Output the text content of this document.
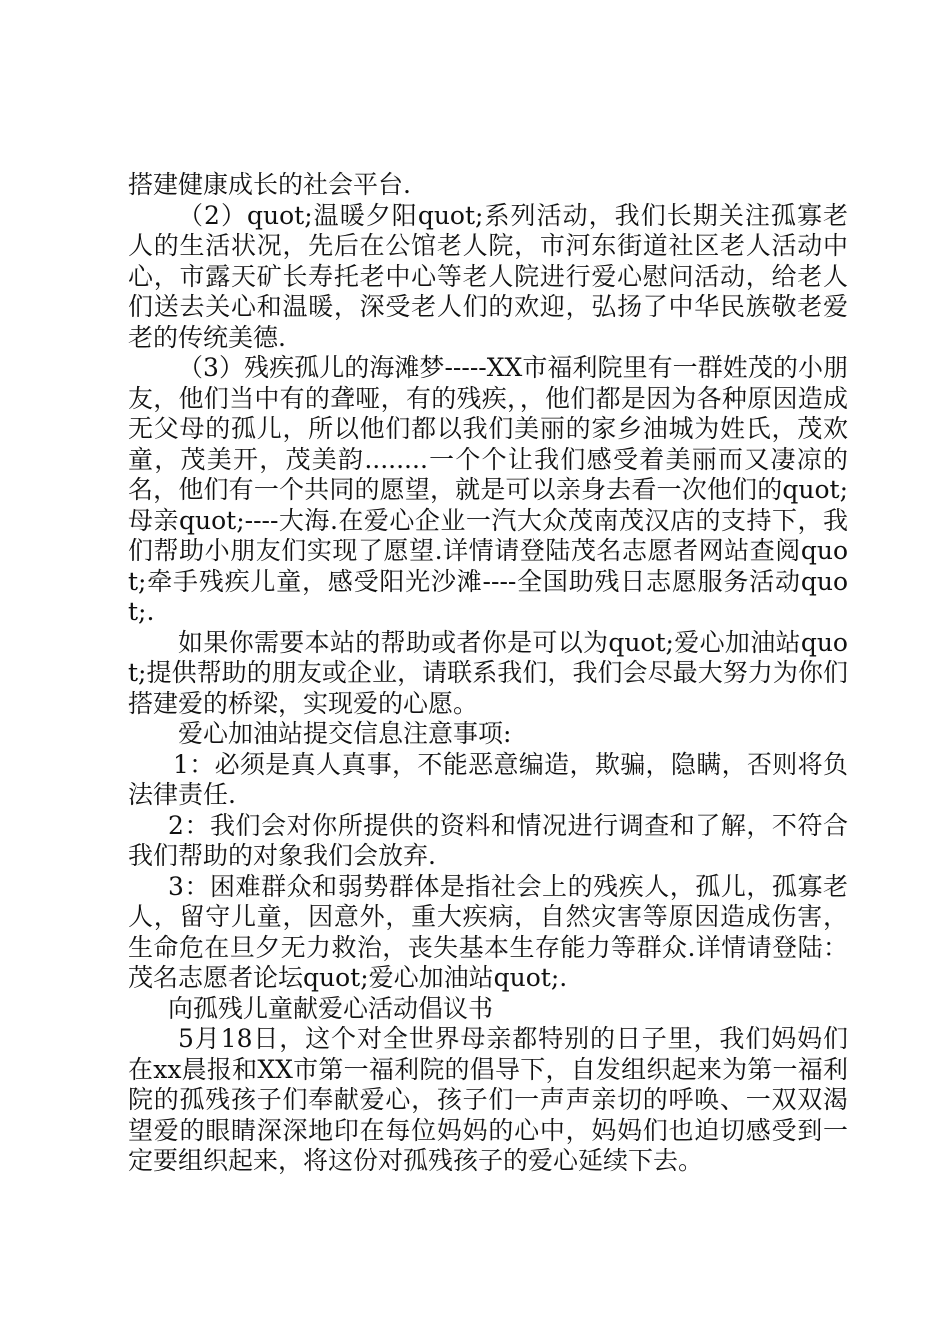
搭建健康成长的社会平台.

（2）quot;温暖夕阳quot;系列活动，我们长期关注孤寡老人的生活状况，先后在公馆老人院，市河东街道社区老人活动中心，市露天矿长寿托老中心等老人院进行爱心慰问活动，给老人们送去关心和温暖，深受老人们的欢迎，弘扬了中华民族敬老爱老的传统美德.

（3）残疾孤儿的海滩梦-----XX市福利院里有一群姓茂的小朋友，他们当中有的聋哑，有的残疾，，他们都是因为各种原因造成无父母的孤儿，所以他们都以我们美丽的家乡油城为姓氏，茂欢童，茂美开，茂美韵........一个个让我们感受着美丽而又凄凉的名，他们有一个共同的愿望，就是可以亲身去看一次他们的quot;母亲quot;----大海.在爱心企业一汽大众茂南茂汉店的支持下，我们帮助小朋友们实现了愿望.详情请登陆茂名志愿者网站查阅quot;牵手残疾儿童，感受阳光沙滩----全国助残日志愿服务活动quot;.

如果你需要本站的帮助或者你是可以为quot;爱心加油站quot;提供帮助的朋友或企业，请联系我们，我们会尽最大努力为你们搭建爱的桥梁，实现爱的心愿。

爱心加油站提交信息注意事项:

1：必须是真人真事，不能恶意编造，欺骗，隐瞒，否则将负法律责任.

2：我们会对你所提供的资料和情况进行调查和了解，不符合我们帮助的对象我们会放弃.

3：困难群众和弱势群体是指社会上的残疾人，孤儿，孤寡老人，留守儿童，因意外，重大疾病，自然灾害等原因造成伤害，生命危在旦夕无力救治，丧失基本生存能力等群众.详情请登陆：茂名志愿者论坛quot;爱心加油站quot;.

向孤残儿童献爱心活动倡议书

5月18日，这个对全世界母亲都特别的日子里，我们妈妈们在xx晨报和XX市第一福利院的倡导下，自发组织起来为第一福利院的孤残孩子们奉献爱心，孩子们一声声亲切的呼唤、一双双渴望爱的眼睛深深地印在每位妈妈的心中，妈妈们也迫切感受到一定要组织起来，将这份对孤残孩子的爱心延续下去。
